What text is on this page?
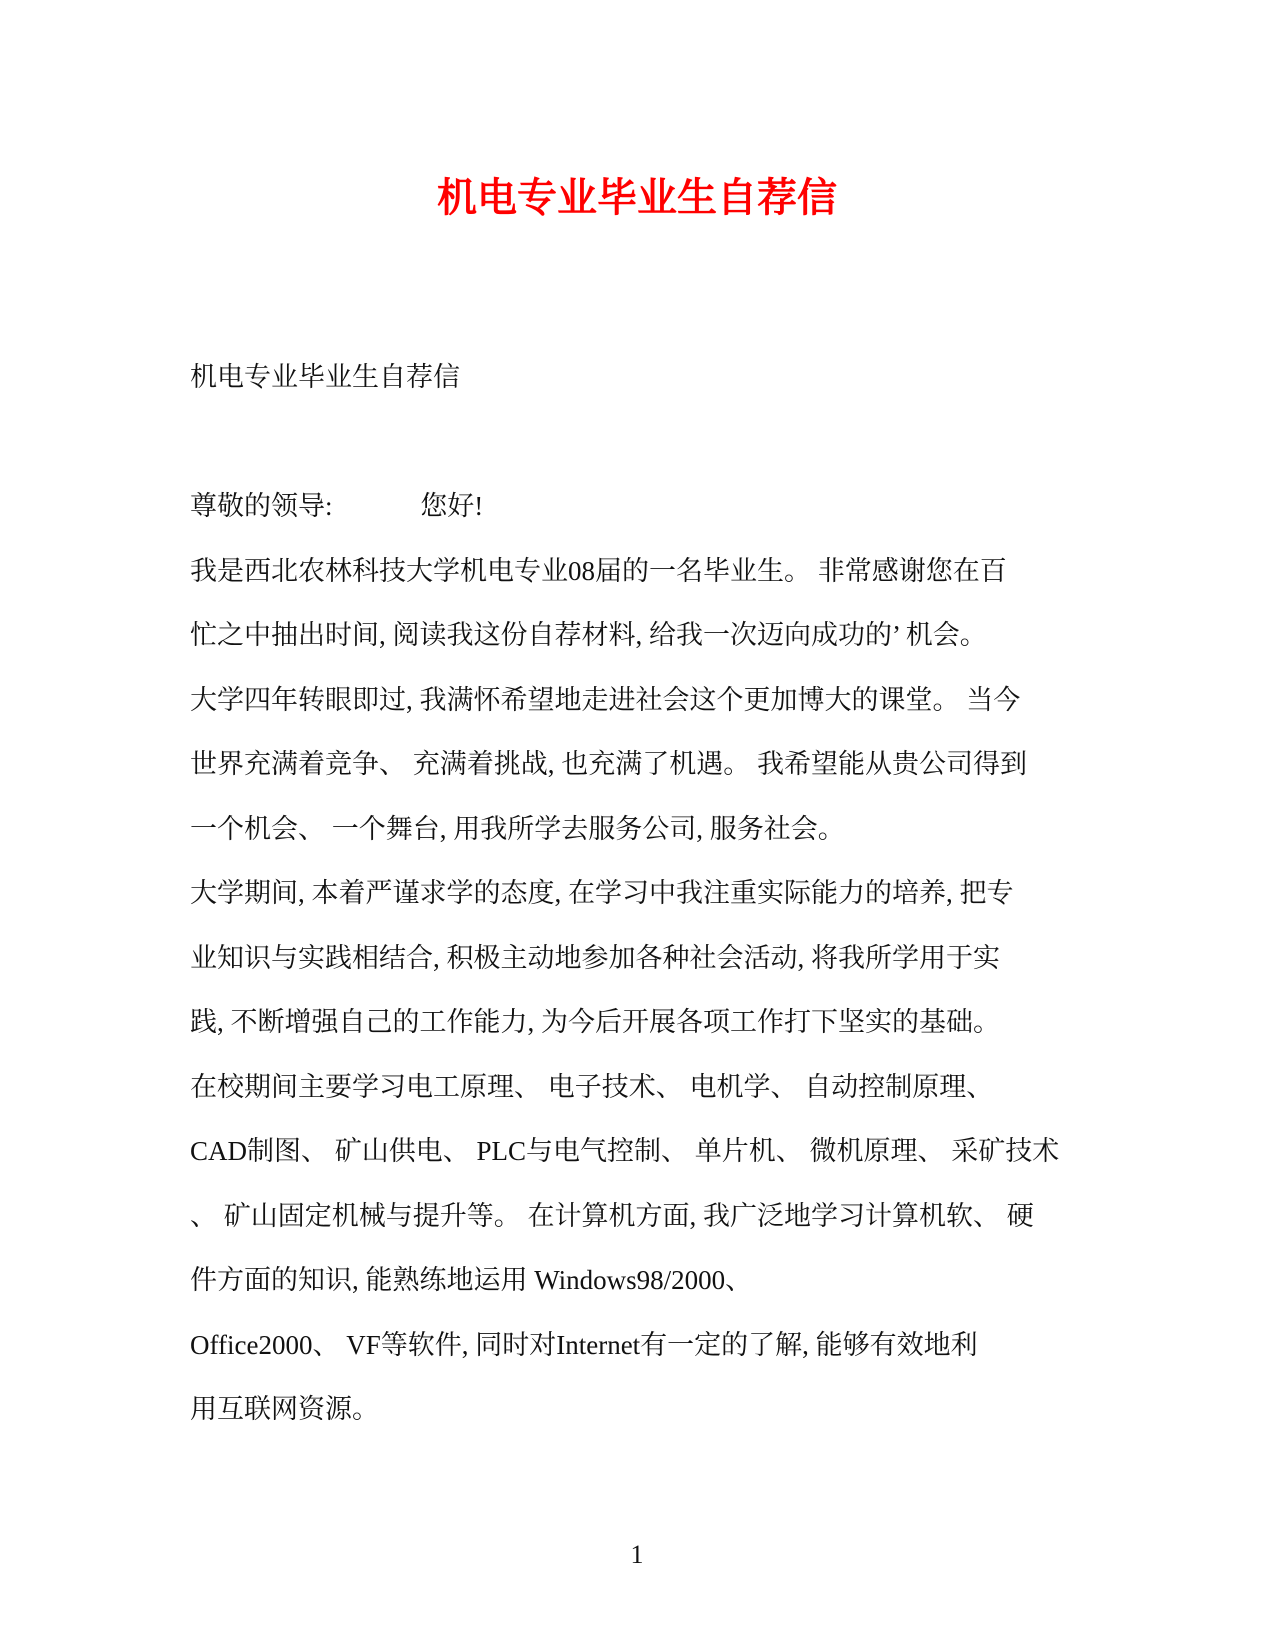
机电专业毕业生自荐信
机电专业毕业生自荐信
尊敬的领导:　　　 您好!
我是西北农林科技大学机电专业08届的一名毕业生。 非常感谢您在百
忙之中抽出时间, 阅读我这份自荐材料, 给我一次迈向成功的’ 机会。
大学四年转眼即过, 我满怀希望地走进社会这个更加博大的课堂。 当今
世界充满着竞争、 充满着挑战, 也充满了机遇。 我希望能从贵公司得到
一个机会、 一个舞台, 用我所学去服务公司, 服务社会。
大学期间, 本着严谨求学的态度, 在学习中我注重实际能力的培养, 把专
业知识与实践相结合, 积极主动地参加各种社会活动, 将我所学用于实
践, 不断增强自己的工作能力, 为今后开展各项工作打下坚实的基础。
在校期间主要学习电工原理、 电子技术、 电机学、 自动控制原理、
CAD制图、 矿山供电、 PLC与电气控制、 单片机、 微机原理、 采矿技术
、 矿山固定机械与提升等。 在计算机方面, 我广泛地学习计算机软、 硬
件方面的知识, 能熟练地运用 Windows98/2000、
Office2000、 VF等软件, 同时对Internet有一定的了解, 能够有效地利
用互联网资源。
1
